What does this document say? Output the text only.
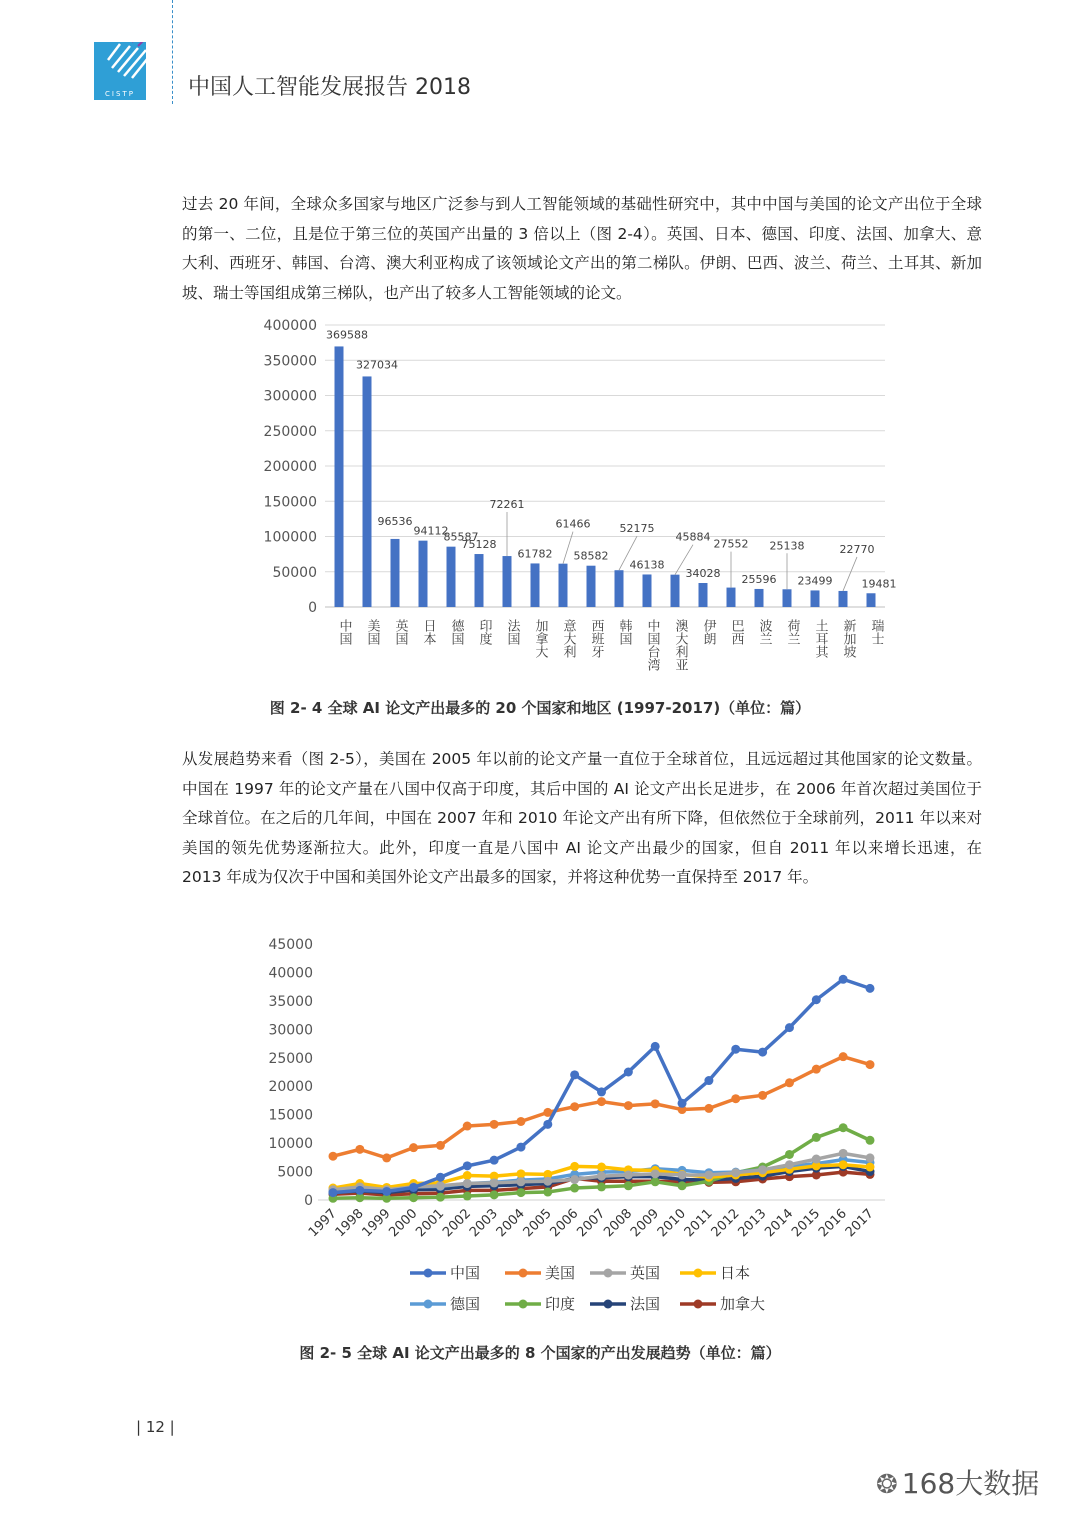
CISTP	中国人工智能发展报告 2018
过去 20 年间，全球众多国家与地区广泛参与到人工智能领域的基础性研究中，其中中国与美国的论文产出位于全球的第一、二位，且是位于第三位的英国产出量的 3 倍以上（图 2-4）。英国、日本、德国、印度、法国、加拿大、意大利、西班牙、韩国、台湾、澳大利亚构成了该领域论文产出的第二梯队。伊朗、巴西、波兰、荷兰、土耳其、新加坡、瑞士等国组成第三梯队，也产出了较多人工智能领域的论文。
0
50000
100000
150000
200000
250000
300000
350000
400000
369588
中国
327034
美国
96536
英国
94112
日本
85587
德国
75128
印度
72261
法国
61782
加拿大
61466
意大利
58582
西班牙
52175
韩国
46138
中国台湾
45884
澳大利亚
34028
伊朗
27552
巴西
25596
波兰
25138
荷兰
23499
土耳其
22770
新加坡
19481
瑞士
图 2- 4 全球 AI 论文产出最多的 20 个国家和地区 (1997-2017)（单位：篇）
从发展趋势来看（图 2-5），美国在 2005 年以前的论文产量一直位于全球首位，且远远超过其他国家的论文数量。中国在 1997 年的论文产量在八国中仅高于印度，其后中国的 AI 论文产出长足进步，在 2006 年首次超过美国位于全球首位。在之后的几年间，中国在 2007 年和 2010 年论文产出有所下降，但依然位于全球前列，2011 年以来对美国的领先优势逐渐拉大。此外，印度一直是八国中 AI 论文产出最少的国家，但自 2011 年以来增长迅速，在 2013 年成为仅次于中国和美国外论文产出最多的国家，并将这种优势一直保持至 2017 年。
0
5000
10000
15000
20000
25000
30000
35000
40000
45000
1997
1998
1999
2000
2001
2002
2003
2004
2005
2006
2007
2008
2009
2010
2011
2012
2013
2014
2015
2016
2017
中国	美国	英国	日本
德国	印度	法国	加拿大
图 2- 5 全球 AI 论文产出最多的 8 个国家的产出发展趋势（单位：篇）
| 12 |
❂ 168大数据
